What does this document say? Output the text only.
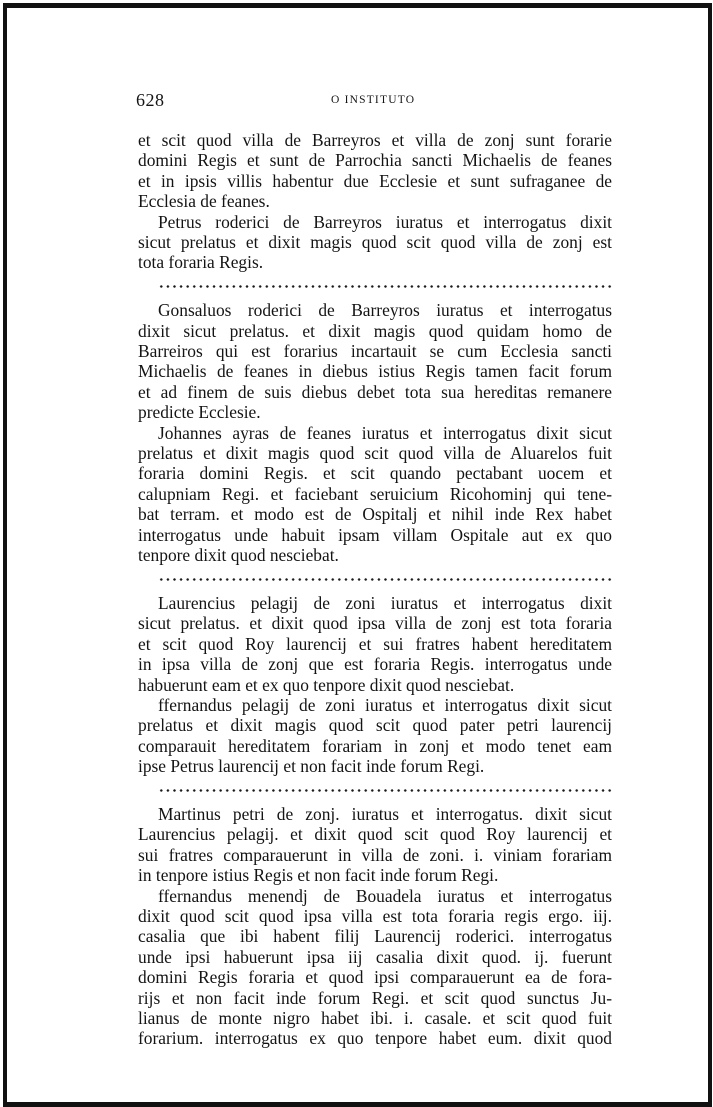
628	O INSTITUTO
et scit quod villa de Barreyros et villa de zonj sunt forarie
domini Regis et sunt de Parrochia sancti Michaelis de feanes
et in ipsis villis habentur due Ecclesie et sunt sufraganee de
Ecclesia de feanes.
Petrus roderici de Barreyros iuratus et interrogatus dixit
sicut prelatus et dixit magis quod scit quod villa de zonj est
tota foraria Regis.
Gonsaluos roderici de Barreyros iuratus et interrogatus
dixit sicut prelatus. et dixit magis quod quidam homo de
Barreiros qui est forarius incartauit se cum Ecclesia sancti
Michaelis de feanes in diebus istius Regis tamen facit forum
et ad finem de suis diebus debet tota sua hereditas remanere
predicte Ecclesie.
Johannes ayras de feanes iuratus et interrogatus dixit sicut
prelatus et dixit magis quod scit quod villa de Aluarelos fuit
foraria domini Regis. et scit quando pectabant uocem et
calupniam Regi. et faciebant seruicium Ricohominj qui tene-
bat terram. et modo est de Ospitalj et nihil inde Rex habet
interrogatus unde habuit ipsam villam Ospitale aut ex quo
tenpore dixit quod nesciebat.
Laurencius pelagij de zoni iuratus et interrogatus dixit
sicut prelatus. et dixit quod ipsa villa de zonj est tota foraria
et scit quod Roy laurencij et sui fratres habent hereditatem
in ipsa villa de zonj que est foraria Regis. interrogatus unde
habuerunt eam et ex quo tenpore dixit quod nesciebat.
ffernandus pelagij de zoni iuratus et interrogatus dixit sicut
prelatus et dixit magis quod scit quod pater petri laurencij
comparauit hereditatem forariam in zonj et modo tenet eam
ipse Petrus laurencij et non facit inde forum Regi.
Martinus petri de zonj. iuratus et interrogatus. dixit sicut
Laurencius pelagij. et dixit quod scit quod Roy laurencij et
sui fratres comparauerunt in villa de zoni. i. viniam forariam
in tenpore istius Regis et non facit inde forum Regi.
ffernandus menendj de Bouadela iuratus et interrogatus
dixit quod scit quod ipsa villa est tota foraria regis ergo. iij.
casalia que ibi habent filij Laurencij roderici. interrogatus
unde ipsi habuerunt ipsa iij casalia dixit quod. ij. fuerunt
domini Regis foraria et quod ipsi comparauerunt ea de fora-
rijs et non facit inde forum Regi. et scit quod sunctus Ju-
lianus de monte nigro habet ibi. i. casale. et scit quod fuit
forarium. interrogatus ex quo tenpore habet eum. dixit quod
